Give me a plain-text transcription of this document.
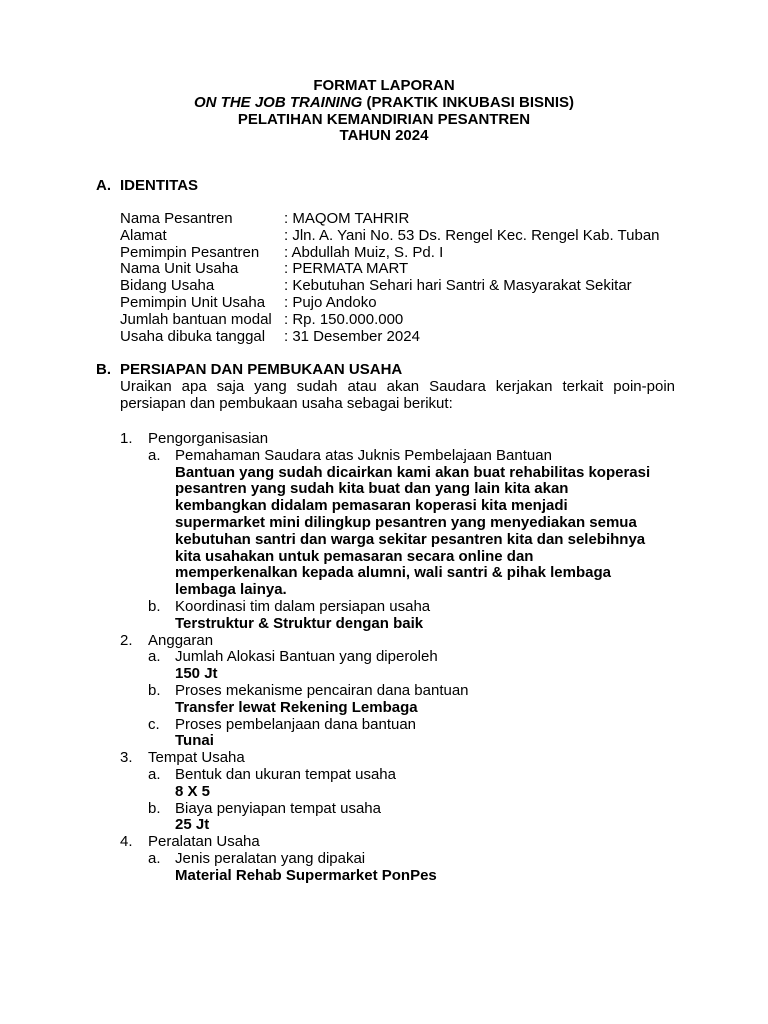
FORMAT LAPORAN
ON THE JOB TRAINING (PRAKTIK INKUBASI BISNIS)
PELATIHAN KEMANDIRIAN PESANTREN
TAHUN 2024
A. IDENTITAS
Nama Pesantren	: MAQOM TAHRIR
Alamat	: Jln. A. Yani No. 53 Ds. Rengel Kec. Rengel Kab. Tuban
Pemimpin Pesantren	: Abdullah Muiz, S. Pd. I
Nama Unit Usaha	: PERMATA MART
Bidang Usaha	: Kebutuhan Sehari hari Santri & Masyarakat Sekitar
Pemimpin Unit Usaha	: Pujo Andoko
Jumlah bantuan modal : Rp. 150.000.000
Usaha dibuka tanggal	: 31 Desember 2024
B. PERSIAPAN DAN PEMBUKAAN USAHA
Uraikan apa saja yang sudah atau akan Saudara kerjakan terkait poin-poin persiapan dan pembukaan usaha sebagai berikut:
1.	Pengorganisasian
a. Pemahaman Saudara atas Juknis Pembelajaan Bantuan
Bantuan yang sudah dicairkan kami akan buat rehabilitas koperasi
pesantren yang sudah kita buat dan yang lain kita akan
kembangkan didalam pemasaran koperasi kita menjadi
supermarket mini dilingkup pesantren yang menyediakan semua
kebutuhan santri dan warga sekitar pesantren kita dan selebihnya
kita usahakan untuk pemasaran secara online dan
memperkenalkan kepada alumni, wali santri & pihak lembaga
lembaga lainya.
b. Koordinasi tim dalam persiapan usaha
Terstruktur & Struktur dengan baik
2.	Anggaran
a. Jumlah Alokasi Bantuan yang diperoleh
150 Jt
b. Proses mekanisme pencairan dana bantuan
Transfer lewat Rekening Lembaga
c.	Proses pembelanjaan dana bantuan
Tunai
3.	Tempat Usaha
a. Bentuk dan ukuran tempat usaha
8 X 5
b. Biaya penyiapan tempat usaha
25 Jt
4.	Peralatan Usaha
a. Jenis peralatan yang dipakai
Material Rehab Supermarket PonPes
